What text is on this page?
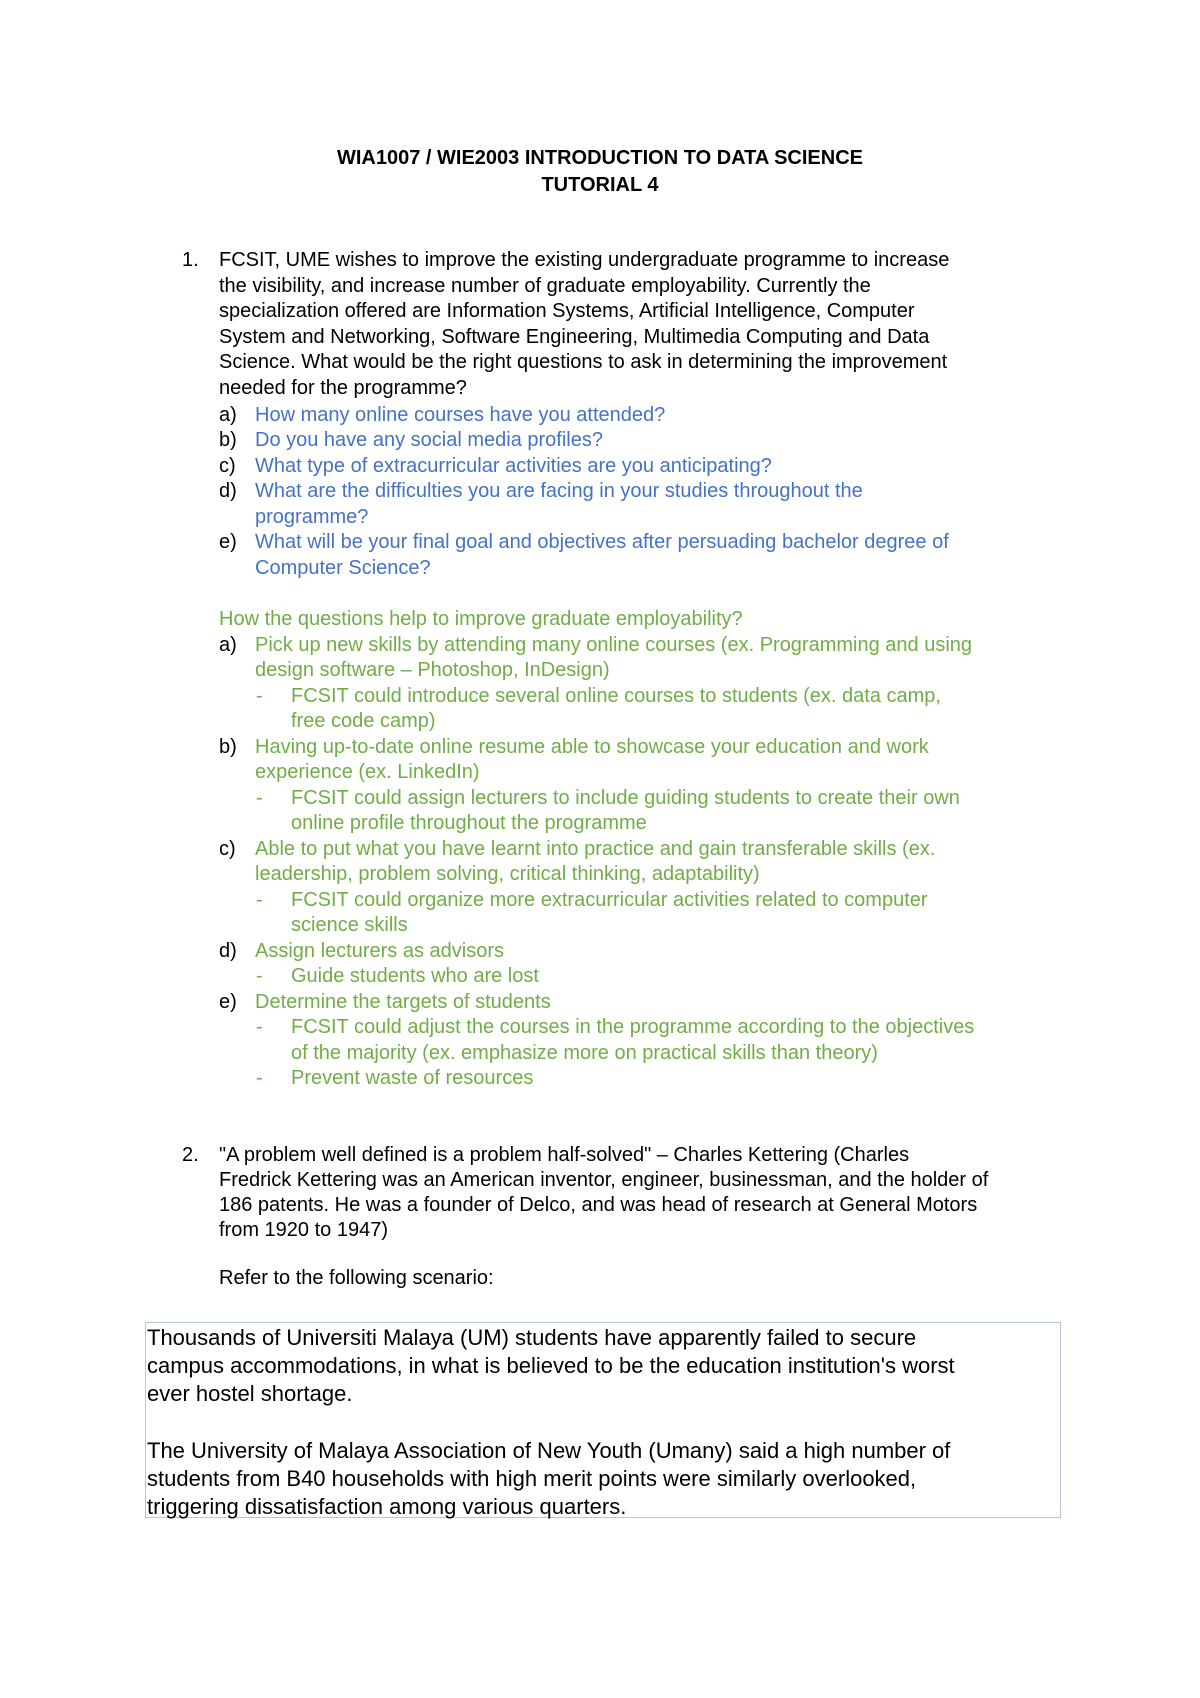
WIA1007 / WIE2003 INTRODUCTION TO DATA SCIENCE
TUTORIAL 4
1. FCSIT, UME wishes to improve the existing undergraduate programme to increase
the visibility, and increase number of graduate employability. Currently the
specialization offered are Information Systems, Artificial Intelligence, Computer
System and Networking, Software Engineering, Multimedia Computing and Data
Science. What would be the right questions to ask in determining the improvement
needed for the programme?
a) How many online courses have you attended?
b) Do you have any social media profiles?
c) What type of extracurricular activities are you anticipating?
d) What are the difficulties you are facing in your studies throughout the
programme?
e) What will be your final goal and objectives after persuading bachelor degree of
Computer Science?
How the questions help to improve graduate employability?
a) Pick up new skills by attending many online courses (ex. Programming and using
design software – Photoshop, InDesign)
- FCSIT could introduce several online courses to students (ex. data camp,
free code camp)
b) Having up-to-date online resume able to showcase your education and work
experience (ex. LinkedIn)
- FCSIT could assign lecturers to include guiding students to create their own
online profile throughout the programme
c) Able to put what you have learnt into practice and gain transferable skills (ex.
leadership, problem solving, critical thinking, adaptability)
- FCSIT could organize more extracurricular activities related to computer
science skills
d) Assign lecturers as advisors
- Guide students who are lost
e) Determine the targets of students
- FCSIT could adjust the courses in the programme according to the objectives
of the majority (ex. emphasize more on practical skills than theory)
- Prevent waste of resources
2. "A problem well defined is a problem half-solved" – Charles Kettering (Charles
Fredrick Kettering was an American inventor, engineer, businessman, and the holder of
186 patents. He was a founder of Delco, and was head of research at General Motors
from 1920 to 1947)
Refer to the following scenario:
Thousands of Universiti Malaya (UM) students have apparently failed to secure
campus accommodations, in what is believed to be the education institution's worst
ever hostel shortage.
The University of Malaya Association of New Youth (Umany) said a high number of
students from B40 households with high merit points were similarly overlooked,
triggering dissatisfaction among various quarters.
